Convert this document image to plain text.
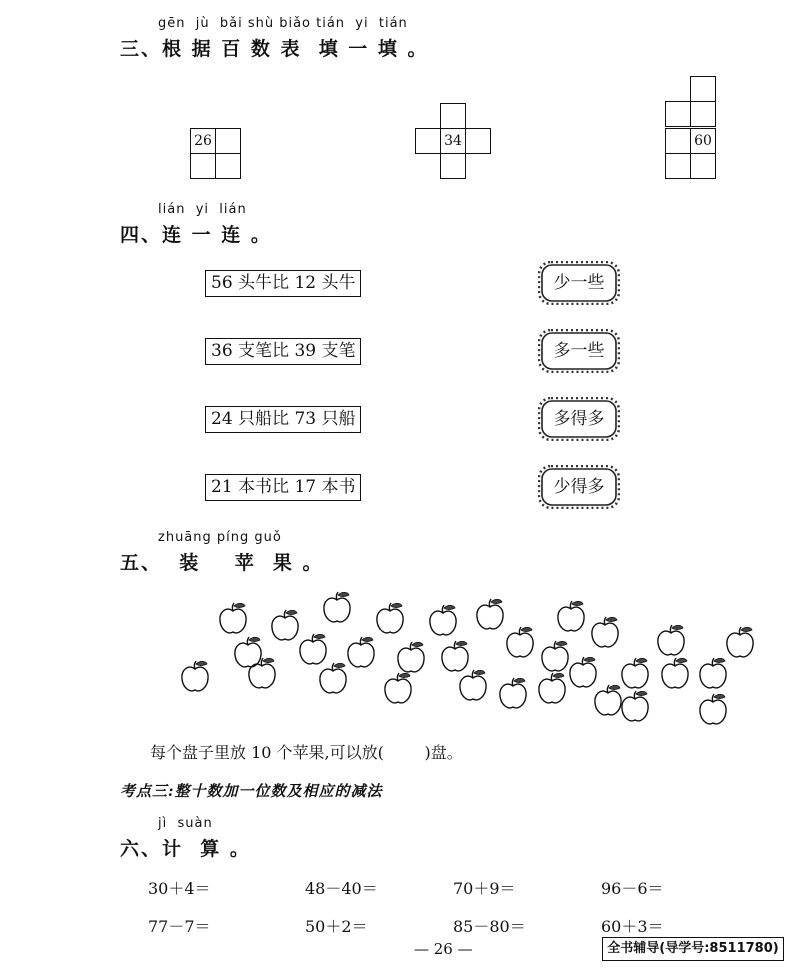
gēn  jù  bǎi shù biǎo tián  yi  tián
三、根 据 百 数 表  填 一 填 。
26	34	60
lián  yi  lián
四、连 一 连 。
56 头牛比 12 头牛
36 支笔比 39 支笔
24 只船比 73 只船
21 本书比 17 本书
少一些
多一些
多得多
少得多
zhuāng píng guǒ
五、  装    苹  果 。
每个盘子里放 10 个苹果,可以放(        )盘。
考点三:整十数加一位数及相应的减法
jì  suàn
六、计  算 。
30＋4＝	48－40＝	70＋9＝	96－6＝
77－7＝	50＋2＝	85－80＝	60＋3＝
— 26 —	全书辅导(导学号:8511780)
